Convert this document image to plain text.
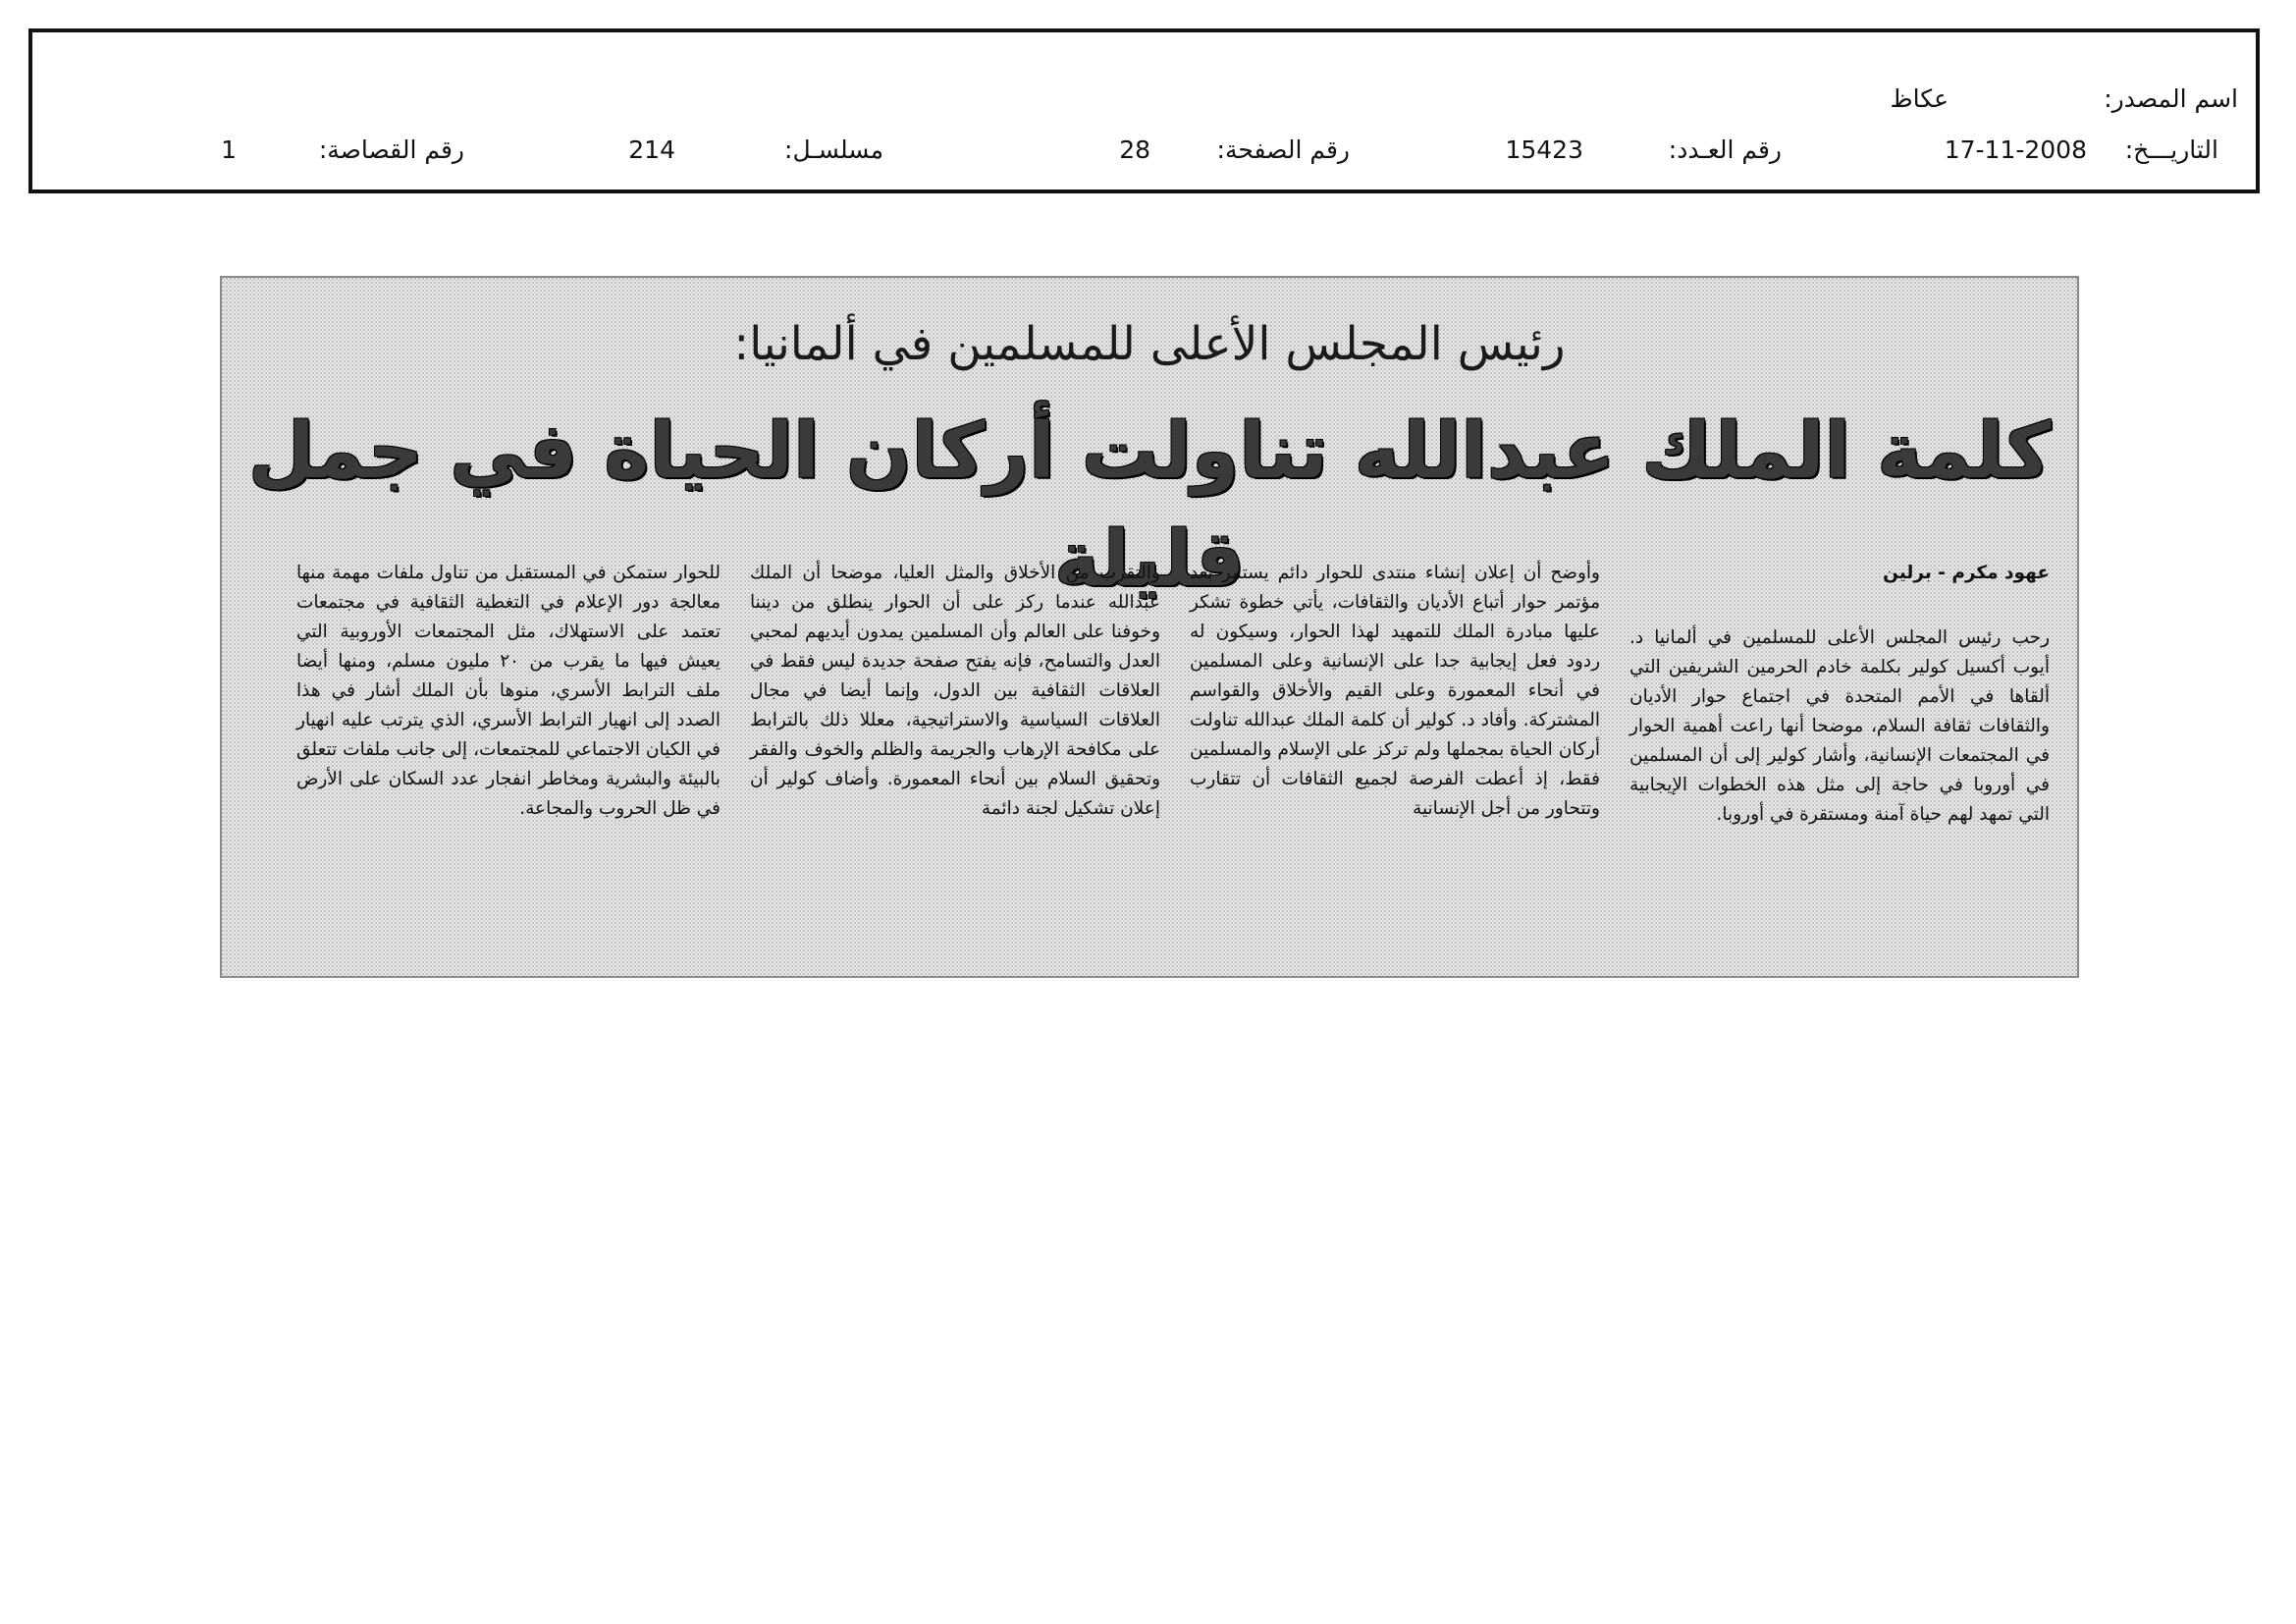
اسم المصدر:
عكاظ
التاريـــخ:
17-11-2008
رقم العـدد:
15423
رقم الصفحة:
28
مسلسـل:
214
رقم القصاصة:
1
رئيس المجلس الأعلى للمسلمين في ألمانيا:
كلمة الملك عبدالله تناولت أركان الحياة في جمل قليلة	عهود مكرم - برلين

رحب رئيس المجلس الأعلى للمسلمين في ألمانيا د. أيوب أكسيل كولير بكلمة خادم الحرمين الشريفين التي ألقاها في الأمم المتحدة في اجتماع حوار الأديان والثقافات ثقافة السلام، موضحا أنها راعت أهمية الحوار في المجتمعات الإنسانية، وأشار كولير إلى أن المسلمين في أوروبا في حاجة إلى مثل هذه الخطوات الإيجابية التي تمهد لهم حياة آمنة ومستقرة في أوروبا.

وأوضح أن إعلان إنشاء منتدى للحوار دائم يستمر بعد مؤتمر حوار أتباع الأديان والثقافات، يأتي خطوة تشكر عليها مبادرة الملك للتمهيد لهذا الحوار، وسيكون له ردود فعل إيجابية جدا على الإنسانية وعلى المسلمين في أنحاء المعمورة وعلى القيم والأخلاق والقواسم المشتركة. وأفاد د. كولير أن كلمة الملك عبدالله تناولت أركان الحياة بمجملها ولم تركز على الإسلام والمسلمين فقط، إذ أعطت الفرصة لجميع الثقافات أن تتقارب وتتحاور من أجل الإنسانية

والتقرب من الأخلاق والمثل العليا، موضحا أن الملك عبدالله عندما ركز على أن الحوار ينطلق من ديننا وخوفنا على العالم وأن المسلمين يمدون أيديهم لمحبي العدل والتسامح، فإنه يفتح صفحة جديدة ليس فقط في العلاقات الثقافية بين الدول، وإنما أيضا في مجال العلاقات السياسية والاستراتيجية، معللا ذلك بالترابط على مكافحة الإرهاب والجريمة والظلم والخوف والفقر وتحقيق السلام بين أنحاء المعمورة. وأضاف كولير أن إعلان تشكيل لجنة دائمة

للحوار ستمكن في المستقبل من تناول ملفات مهمة منها معالجة دور الإعلام في التغطية الثقافية في مجتمعات تعتمد على الاستهلاك، مثل المجتمعات الأوروبية التي يعيش فيها ما يقرب من ٢٠ مليون مسلم، ومنها أيضا ملف الترابط الأسري، منوها بأن الملك أشار في هذا الصدد إلى انهيار الترابط الأسري، الذي يترتب عليه انهيار في الكيان الاجتماعي للمجتمعات، إلى جانب ملفات تتعلق بالبيئة والبشرية ومخاطر انفجار عدد السكان على الأرض في ظل الحروب والمجاعة.
